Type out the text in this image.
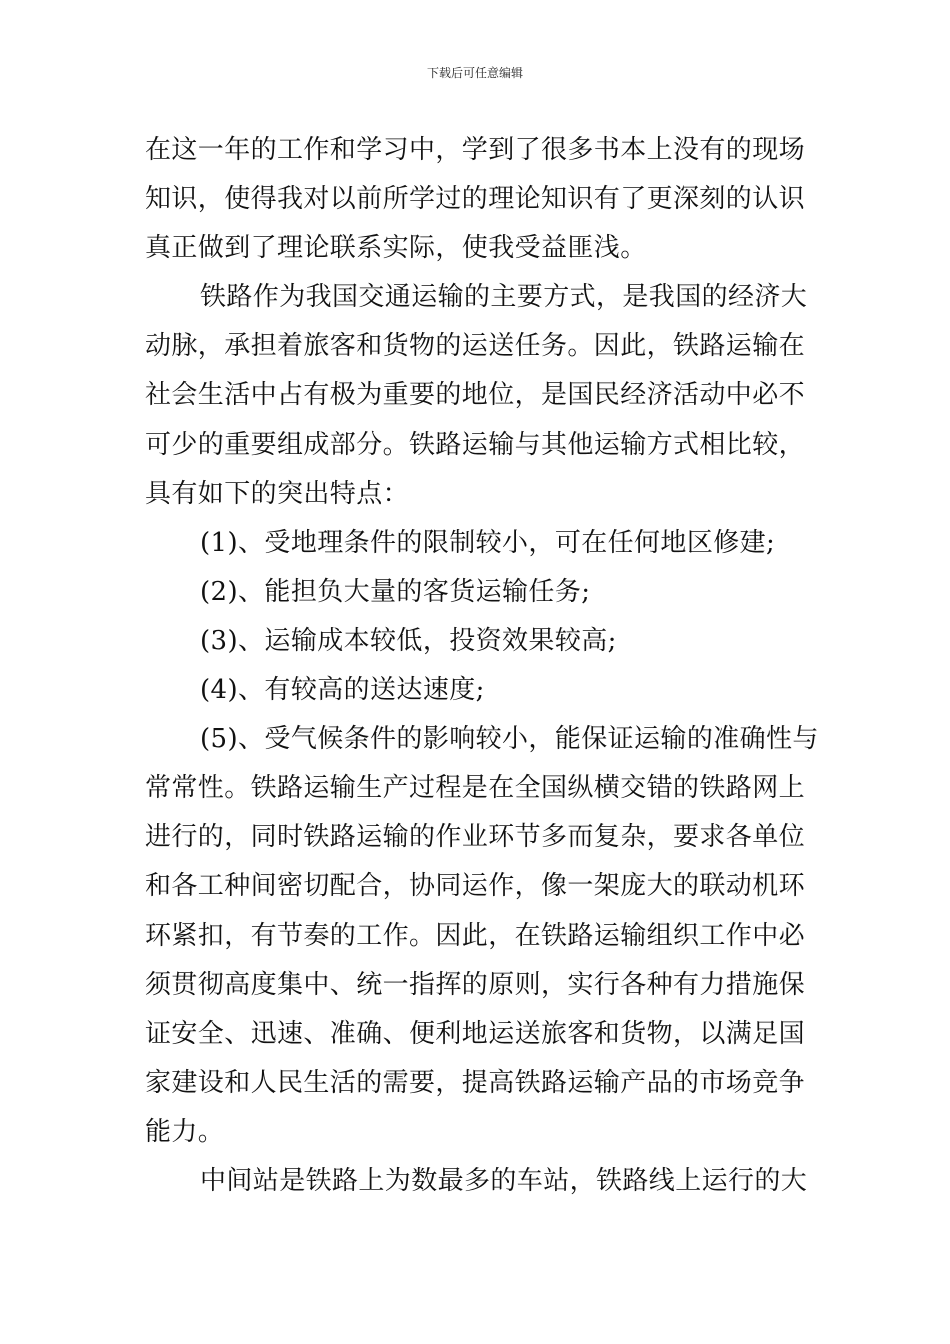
下载后可任意编辑
在这一年的工作和学习中，学到了很多书本上没有的现场
知识，使得我对以前所学过的理论知识有了更深刻的认识
真正做到了理论联系实际，使我受益匪浅。
铁路作为我国交通运输的主要方式，是我国的经济大
动脉，承担着旅客和货物的运送任务。因此，铁路运输在
社会生活中占有极为重要的地位，是国民经济活动中必不
可少的重要组成部分。铁路运输与其他运输方式相比较，
具有如下的突出特点：
(1)、受地理条件的限制较小，可在任何地区修建;
(2)、能担负大量的客货运输任务;
(3)、运输成本较低，投资效果较高;
(4)、有较高的送达速度;
(5)、受气候条件的影响较小，能保证运输的准确性与
常常性。铁路运输生产过程是在全国纵横交错的铁路网上
进行的，同时铁路运输的作业环节多而复杂，要求各单位
和各工种间密切配合，协同运作，像一架庞大的联动机环
环紧扣，有节奏的工作。因此，在铁路运输组织工作中必
须贯彻高度集中、统一指挥的原则，实行各种有力措施保
证安全、迅速、准确、便利地运送旅客和货物，以满足国
家建设和人民生活的需要，提高铁路运输产品的市场竞争
能力。
中间站是铁路上为数最多的车站，铁路线上运行的大
